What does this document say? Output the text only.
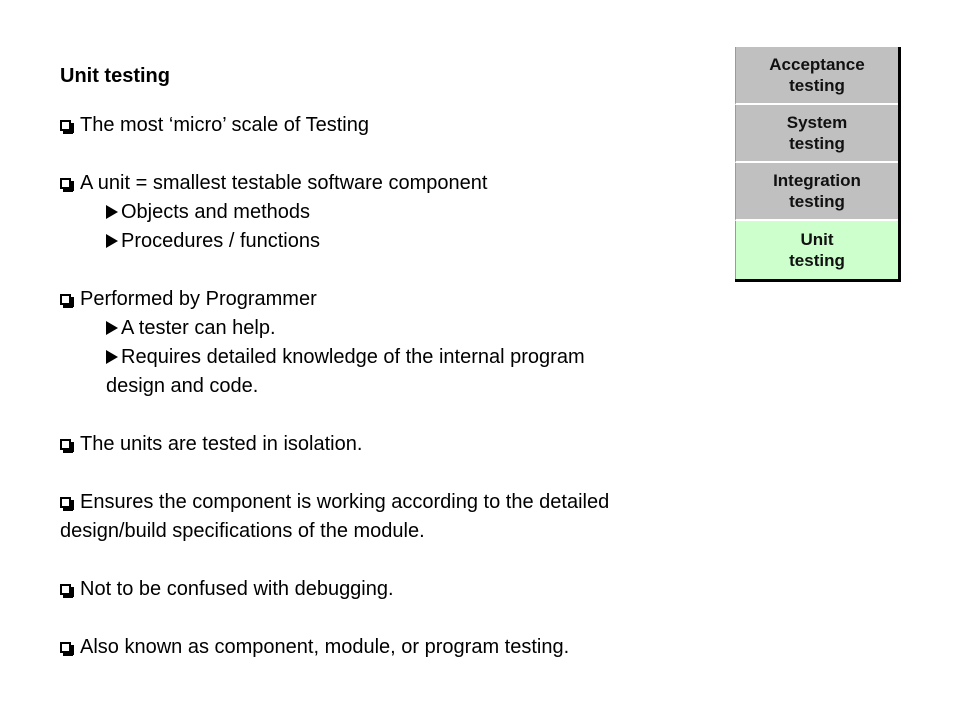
Unit testing
The most ‘micro’ scale of Testing
A unit = smallest testable software component
Objects and methods
Procedures / functions
Performed by Programmer
A tester can help.
Requires detailed knowledge of the internal program
design and code.
The units are tested in isolation.
Ensures the component is working according to the detailed
design/build specifications of the module.
Not to be confused with debugging.
Also known as component, module, or program testing.
Acceptance
testing
System
testing
Integration
testing
Unit
testing
